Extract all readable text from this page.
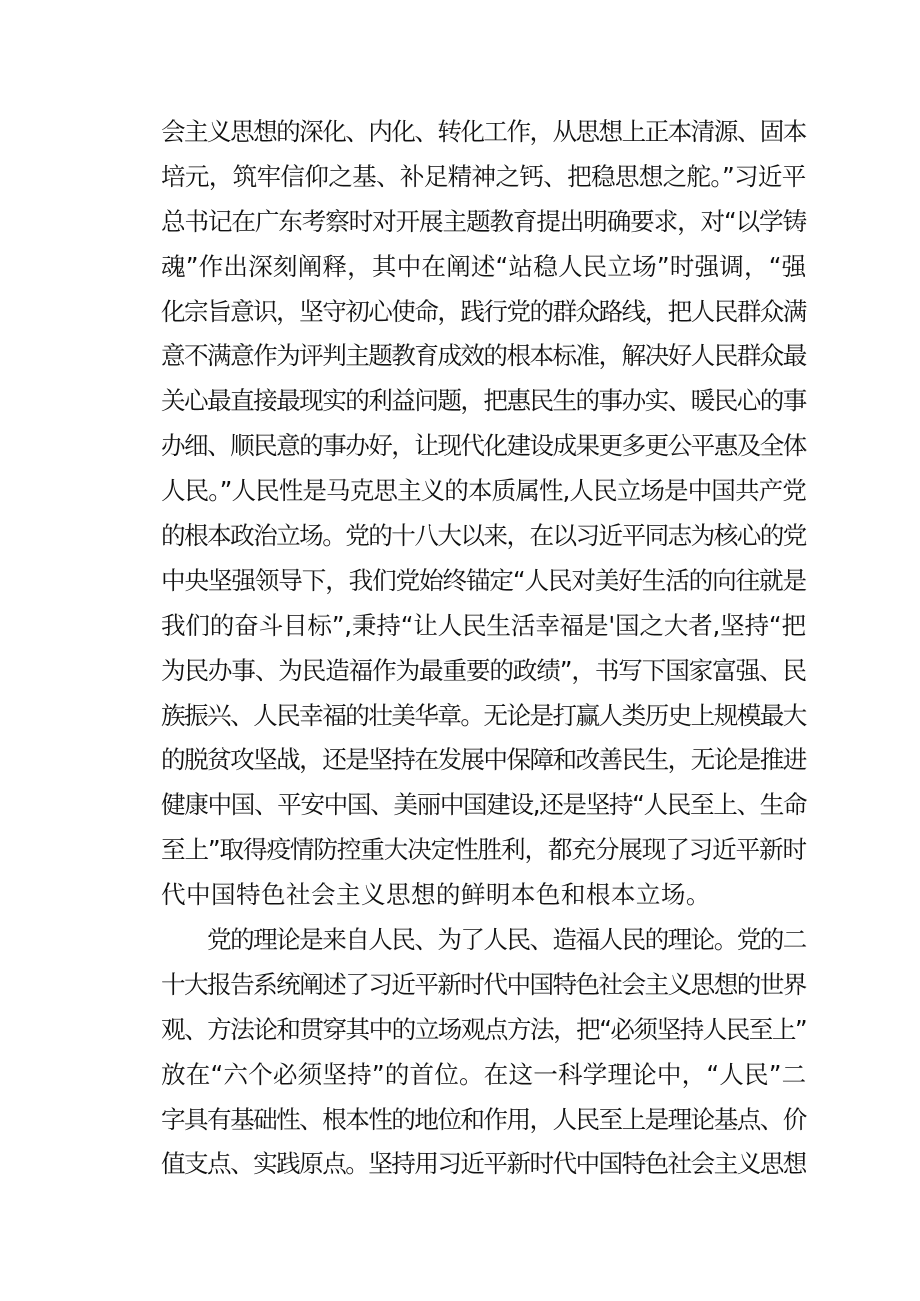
会主义思想的深化、内化、转化工作，从思想上正本清源、固本
培元，筑牢信仰之基、补足精神之钙、把稳思想之舵。”习近平
总书记在广东考察时对开展主题教育提出明确要求，对“以学铸
魂”作出深刻阐释，其中在阐述“站稳人民立场”时强调，“强
化宗旨意识，坚守初心使命，践行党的群众路线，把人民群众满
意不满意作为评判主题教育成效的根本标准，解决好人民群众最
关心最直接最现实的利益问题，把惠民生的事办实、暖民心的事
办细、顺民意的事办好，让现代化建设成果更多更公平惠及全体
人民。”人民性是马克思主义的本质属性,人民立场是中国共产党
的根本政治立场。党的十八大以来，在以习近平同志为核心的党
中央坚强领导下，我们党始终锚定“人民对美好生活的向往就是
我们的奋斗目标”,秉持“让人民生活幸福是'国之大者,坚持“把
为民办事、为民造福作为最重要的政绩”，书写下国家富强、民
族振兴、人民幸福的壮美华章。无论是打赢人类历史上规模最大
的脱贫攻坚战，还是坚持在发展中保障和改善民生，无论是推进
健康中国、平安中国、美丽中国建设,还是坚持“人民至上、生命
至上”取得疫情防控重大决定性胜利，都充分展现了习近平新时
代中国特色社会主义思想的鲜明本色和根本立场。
　　党的理论是来自人民、为了人民、造福人民的理论。党的二
十大报告系统阐述了习近平新时代中国特色社会主义思想的世界
观、方法论和贯穿其中的立场观点方法，把“必须坚持人民至上”
放在“六个必须坚持”的首位。在这一科学理论中，“人民”二
字具有基础性、根本性的地位和作用，人民至上是理论基点、价
值支点、实践原点。坚持用习近平新时代中国特色社会主义思想
